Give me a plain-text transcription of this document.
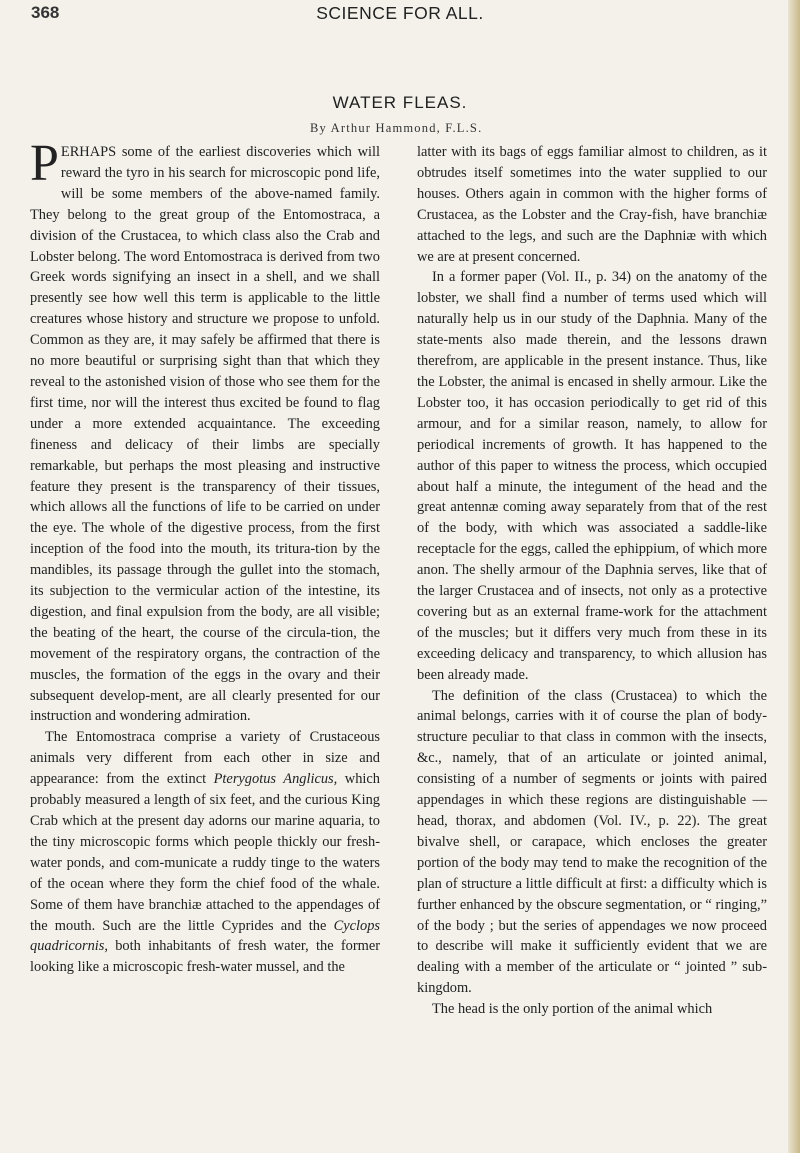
368	SCIENCE FOR ALL.
WATER FLEAS.
By Arthur Hammond, F.L.S.

PERHAPS some of the earliest discoveries which will reward the tyro in his search for microscopic pond life, will be some members of the above-named family. They belong to the great group of the Entomostraca, a division of the Crustacea, to which class also the Crab and Lobster belong. The word Entomostraca is derived from two Greek words signifying an insect in a shell, and we shall presently see how well this term is applicable to the little creatures whose history and structure we propose to unfold. Common as they are, it may safely be affirmed that there is no more beautiful or surprising sight than that which they reveal to the astonished vision of those who see them for the first time, nor will the interest thus excited be found to flag under a more extended acquaintance. The exceeding fineness and delicacy of their limbs are specially remarkable, but perhaps the most pleasing and instructive feature they present is the transparency of their tissues, which allows all the functions of life to be carried on under the eye. The whole of the digestive process, from the first inception of the food into the mouth, its tritura-tion by the mandibles, its passage through the gullet into the stomach, its subjection to the vermicular action of the intestine, its digestion, and final expulsion from the body, are all visible; the beating of the heart, the course of the circula-tion, the movement of the respiratory organs, the contraction of the muscles, the formation of the eggs in the ovary and their subsequent develop-ment, are all clearly presented for our instruction and wondering admiration.

The Entomostraca comprise a variety of Crustaceous animals very different from each other in size and appearance: from the extinct Pterygotus Anglicus, which probably measured a length of six feet, and the curious King Crab which at the present day adorns our marine aquaria, to the tiny microscopic forms which people thickly our fresh-water ponds, and com-municate a ruddy tinge to the waters of the ocean where they form the chief food of the whale. Some of them have branchiæ attached to the appendages of the mouth. Such are the little Cyprides and the Cyclops quadricornis, both inhabitants of fresh water, the former looking like a microscopic fresh-water mussel, and the

latter with its bags of eggs familiar almost to children, as it obtrudes itself sometimes into the water supplied to our houses. Others again in common with the higher forms of Crustacea, as the Lobster and the Cray-fish, have branchiæ attached to the legs, and such are the Daphniæ with which we are at present concerned.

In a former paper (Vol. II., p. 34) on the anatomy of the lobster, we shall find a number of terms used which will naturally help us in our study of the Daphnia. Many of the state-ments also made therein, and the lessons drawn therefrom, are applicable in the present instance. Thus, like the Lobster, the animal is encased in shelly armour. Like the Lobster too, it has occasion periodically to get rid of this armour, and for a similar reason, namely, to allow for periodical increments of growth. It has happened to the author of this paper to witness the process, which occupied about half a minute, the integument of the head and the great antennæ coming away separately from that of the rest of the body, with which was associated a saddle-like receptacle for the eggs, called the ephippium, of which more anon. The shelly armour of the Daphnia serves, like that of the larger Crustacea and of insects, not only as a protective covering but as an external frame-work for the attachment of the muscles; but it differs very much from these in its exceeding delicacy and transparency, to which allusion has been already made.

The definition of the class (Crustacea) to which the animal belongs, carries with it of course the plan of body-structure peculiar to that class in common with the insects, &c., namely, that of an articulate or jointed animal, consisting of a number of segments or joints with paired appendages in which these regions are distinguishable — head, thorax, and abdomen (Vol. IV., p. 22). The great bivalve shell, or carapace, which encloses the greater portion of the body may tend to make the recognition of the plan of structure a little difficult at first: a difficulty which is further enhanced by the obscure segmentation, or “ ringing,” of the body ; but the series of appendages we now proceed to describe will make it sufficiently evident that we are dealing with a member of the articulate or “ jointed ” sub-kingdom.

The head is the only portion of the animal which
